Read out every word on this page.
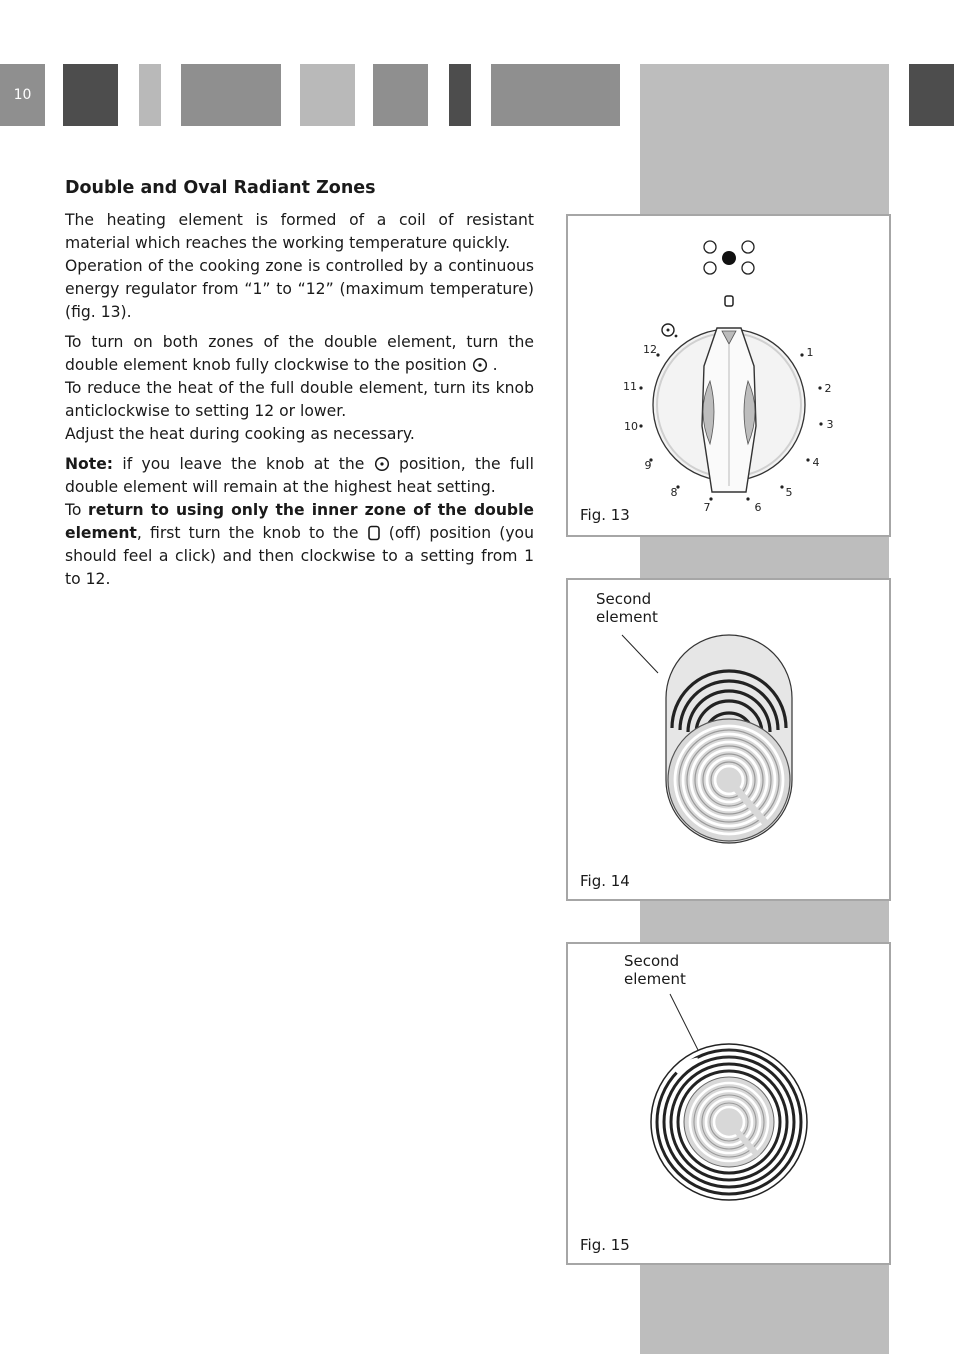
10
Double and Oval Radiant Zones

The heating element is formed of a coil of resistant material which reaches the working temperature quickly.

Operation of the cooking zone is controlled by a continuous energy regulator from “1” to “12” (maximum temperature) (fig. 13).

To turn on both zones of the double element, turn the double element knob fully clockwise to the position .

To reduce the heat of the full double element, turn its knob anticlockwise to setting 12 or lower.

Adjust the heat during cooking as necessary.

Note: if you leave the knob at the position, the full double element will remain at the highest heat setting.

To return to using only the inner zone of the double element, first turn the knob to the (off) position (you should feel a click) and then clockwise to a setting from 1 to 12.

1
2
3
4
5
6
7
8
9
10
11
12
Fig. 13
Second
element
Fig. 14
Second
element
Fig. 15
